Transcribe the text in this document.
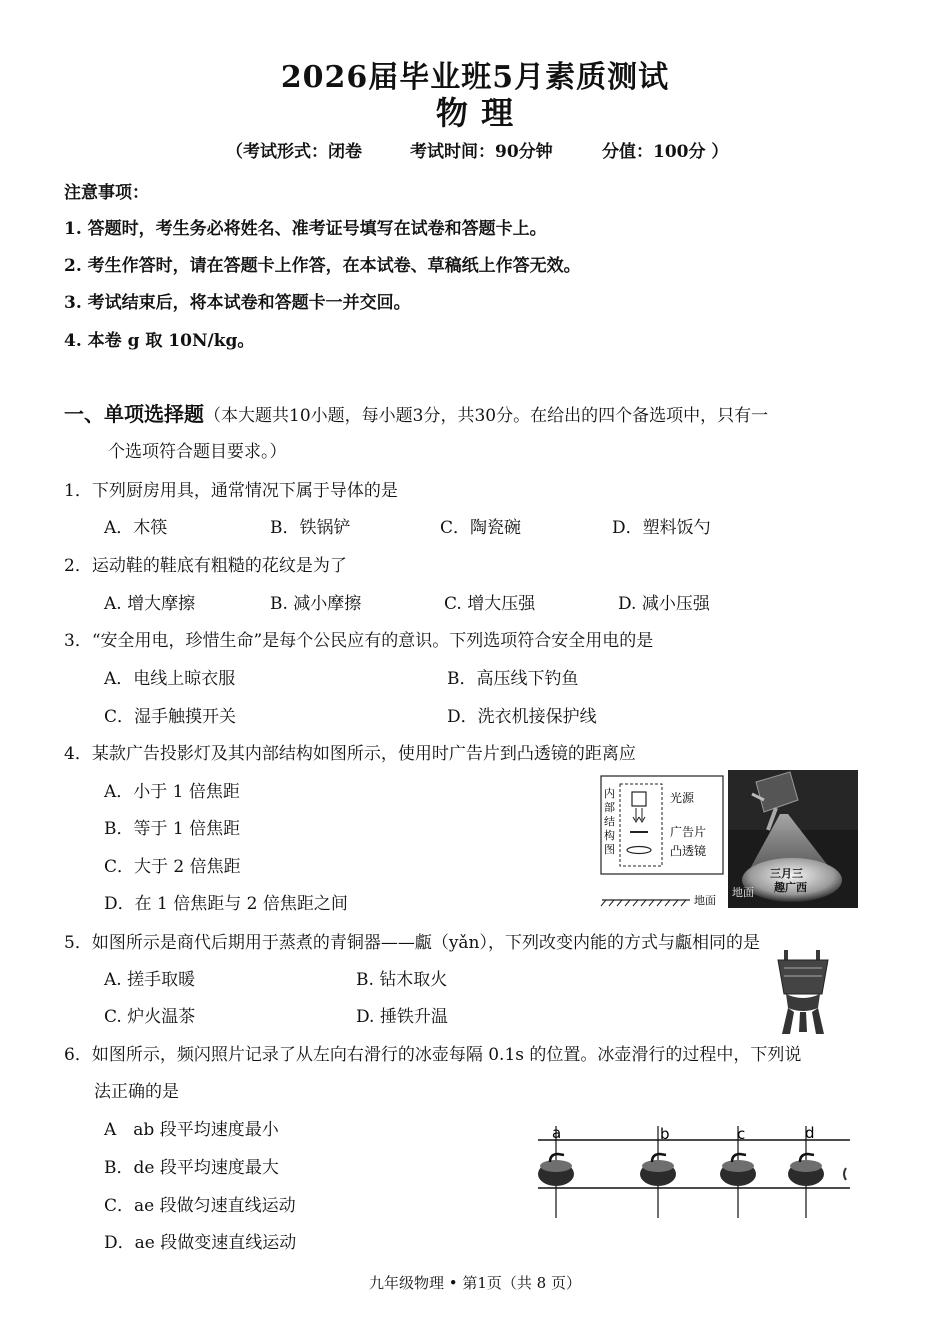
2026届毕业班5月素质测试
物 理
（考试形式：闭卷	考试时间：90分钟	分值：100分 ）
注意事项：
1. 答题时，考生务必将姓名、准考证号填写在试卷和答题卡上。
2. 考生作答时，请在答题卡上作答，在本试卷、草稿纸上作答无效。
3. 考试结束后，将本试卷和答题卡一并交回。
4. 本卷 g 取 10N/kg。
一、单项选择题（本大题共10小题，每小题3分，共30分。在给出的四个备选项中，只有一
个选项符合题目要求。）
1．下列厨房用具，通常情况下属于导体的是
A．木筷	B．铁锅铲	C．陶瓷碗	D．塑料饭勺
2．运动鞋的鞋底有粗糙的花纹是为了
A. 增大摩擦	B. 减小摩擦	C. 增大压强	D. 减小压强
3．“安全用电，珍惜生命”是每个公民应有的意识。下列选项符合安全用电的是
A．电线上晾衣服	B．高压线下钓鱼
C．湿手触摸开关	D．洗衣机接保护线
4．某款广告投影灯及其内部结构如图所示，使用时广告片到凸透镜的距离应
A．小于 1 倍焦距
B．等于 1 倍焦距
C．大于 2 倍焦距
D．在 1 倍焦距与 2 倍焦距之间
内
部
结
构
图
光源
广告片
凸透镜
地面
三月三
趣广西
地面
5．如图所示是商代后期用于蒸煮的青铜器——甗（yǎn），下列改变内能的方式与甗相同的是
A. 搓手取暖	B. 钻木取火
C. 炉火温茶	D. 捶铁升温
6．如图所示，频闪照片记录了从左向右滑行的冰壶每隔 0.1s 的位置。冰壶滑行的过程中，下列说
法正确的是
A　ab 段平均速度最小
B．de 段平均速度最大
C．ae 段做匀速直线运动
D．ae 段做变速直线运动
a	b	c	d
九年级物理 • 第1页（共 8 页）
